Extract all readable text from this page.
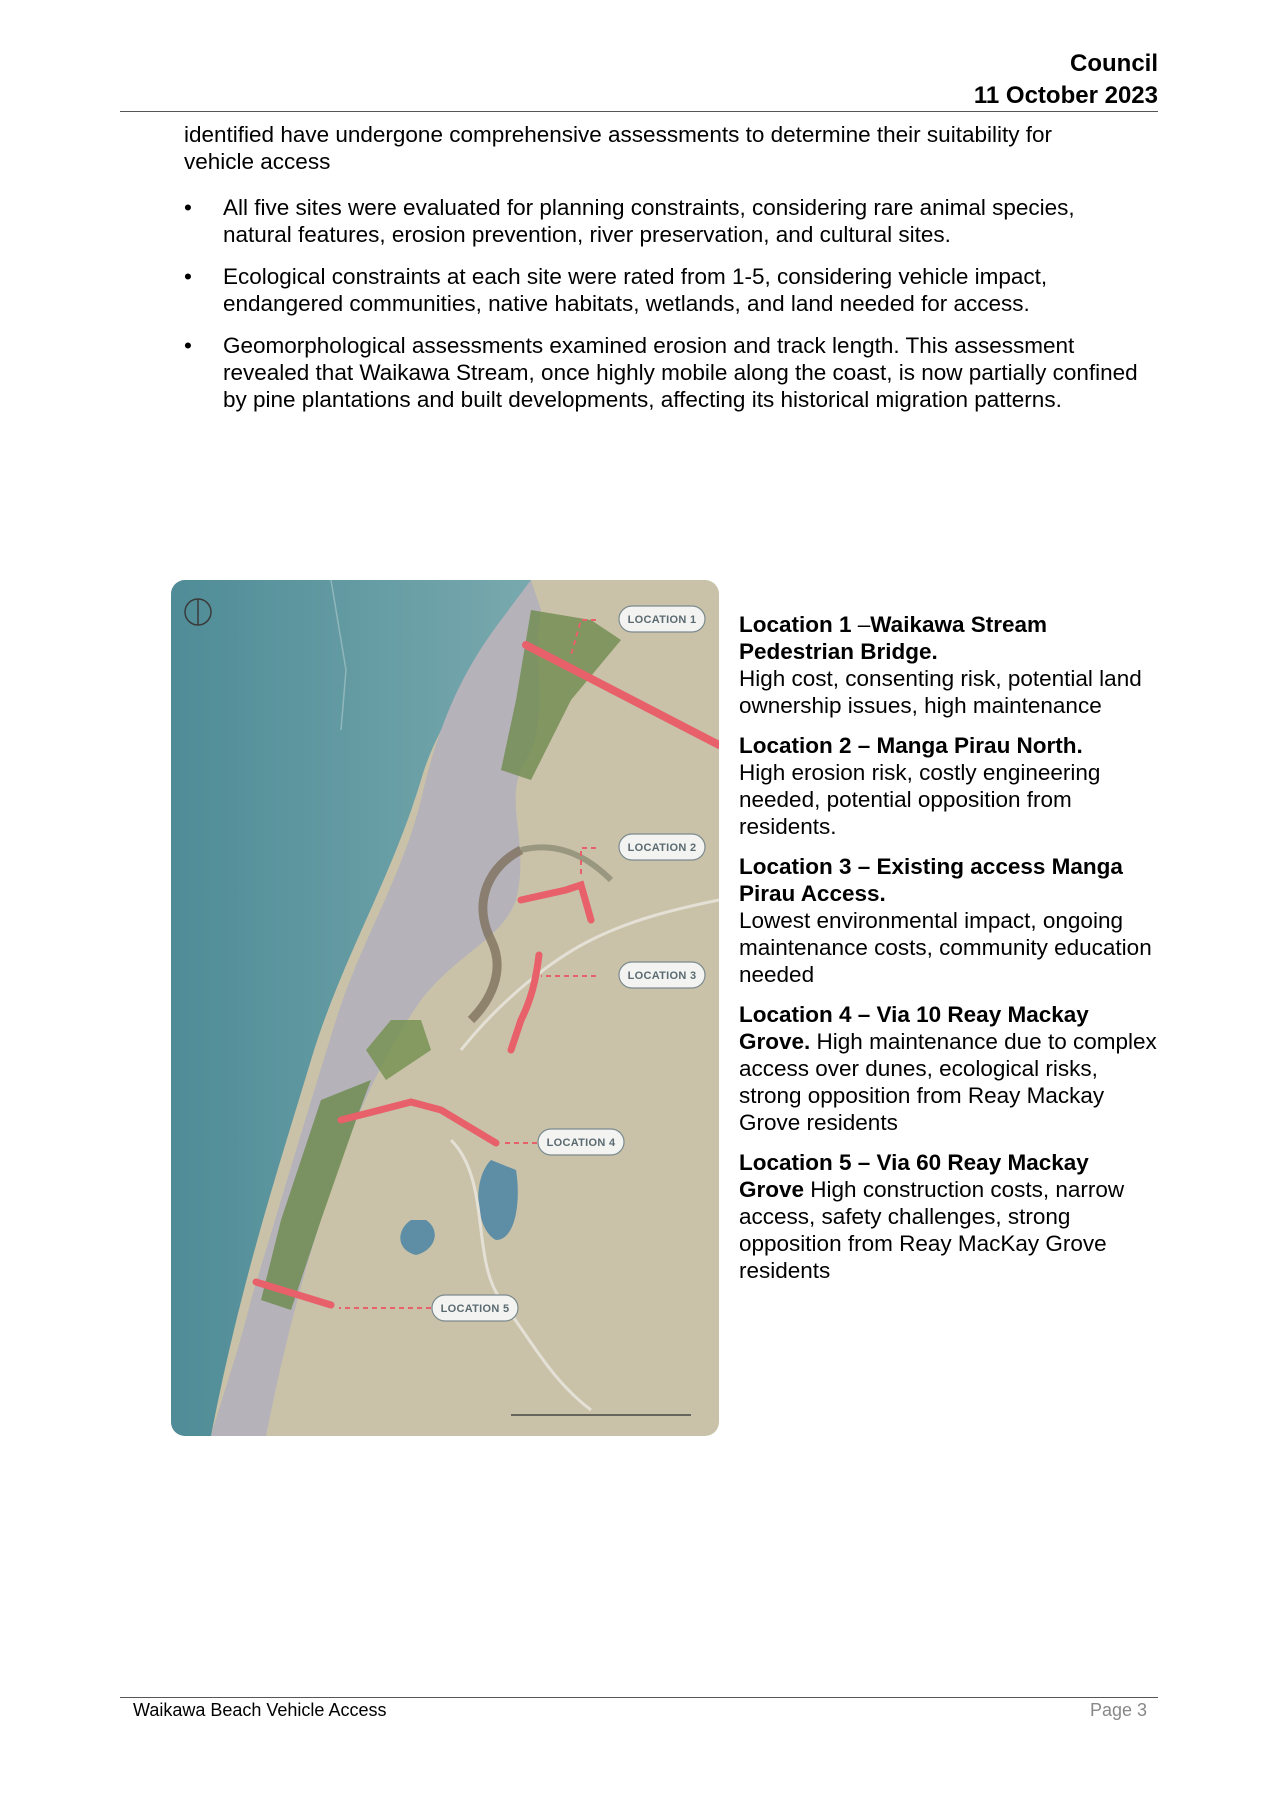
Council
11 October 2023

identified have undergone comprehensive assessments to determine their suitability for vehicle access

• All five sites were evaluated for planning constraints, considering rare animal species, natural features, erosion prevention, river preservation, and cultural sites.
• Ecological constraints at each site were rated from 1-5, considering vehicle impact, endangered communities, native habitats, wetlands, and land needed for access.
• Geomorphological assessments examined erosion and track length. This assessment revealed that Waikawa Stream, once highly mobile along the coast, is now partially confined by pine plantations and built developments, affecting its historical migration patterns.
LOCATION 1
LOCATION 2
LOCATION 3
LOCATION 4
LOCATION 5

Location 1 –Waikawa Stream Pedestrian Bridge.
High cost, consenting risk, potential land ownership issues, high maintenance

Location 2 – Manga Pirau North.
High erosion risk, costly engineering needed, potential opposition from residents.

Location 3 – Existing access Manga Pirau Access.
Lowest environmental impact, ongoing maintenance costs, community education needed

Location 4 – Via 10 Reay Mackay Grove. High maintenance due to complex access over dunes, ecological risks, strong opposition from Reay Mackay Grove residents

Location 5 – Via 60 Reay Mackay Grove High construction costs, narrow access, safety challenges, strong opposition from Reay MacKay Grove residents

Waikawa Beach Vehicle Access	Page 3
